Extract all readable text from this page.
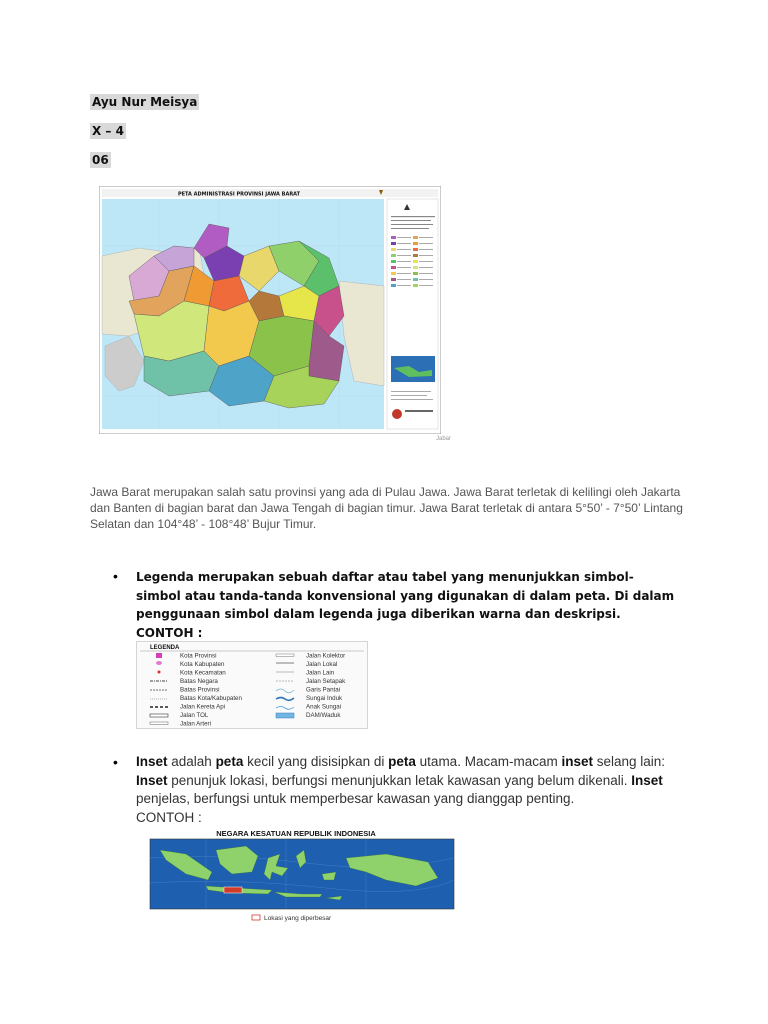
Ayu Nur Meisya
X – 4
06
PETA ADMINISTRASI PROVINSI JAWA BARAT
Jabar
Jawa Barat merupakan salah satu provinsi yang ada di Pulau Jawa. Jawa Barat terletak di kelilingi oleh Jakarta dan Banten di bagian barat dan Jawa Tengah di bagian timur. Jawa Barat terletak di antara 5°50’ - 7°50’ Lintang Selatan dan 104°48’ - 108°48’ Bujur Timur.
• Legenda merupakan sebuah daftar atau tabel yang menunjukkan simbol-simbol atau tanda-tanda konvensional yang digunakan di dalam peta. Di dalam penggunaan simbol dalam legenda juga diberikan warna dan deskripsi.
CONTOH :
LEGENDA
Kota Provinsi
Kota Kabupaten
Kota Kecamatan
Batas Negara
Batas Provinsi
Batas Kota/Kabupaten
Jalan Kereta Api
Jalan TOL
Jalan Arteri
Jalan Kolektor
Jalan Lokal
Jalan Lain
Jalan Setapak
Garis Pantai
Sungai Induk
Anak Sungai
DAM/Waduk
• Inset adalah peta kecil yang disisipkan di peta utama. Macam-macam inset selang lain: Inset penunjuk lokasi, berfungsi menunjukkan letak kawasan yang belum dikenali. Inset penjelas, berfungsi untuk memperbesar kawasan yang dianggap penting.
CONTOH :
NEGARA KESATUAN REPUBLIK INDONESIA
Lokasi yang diperbesar
